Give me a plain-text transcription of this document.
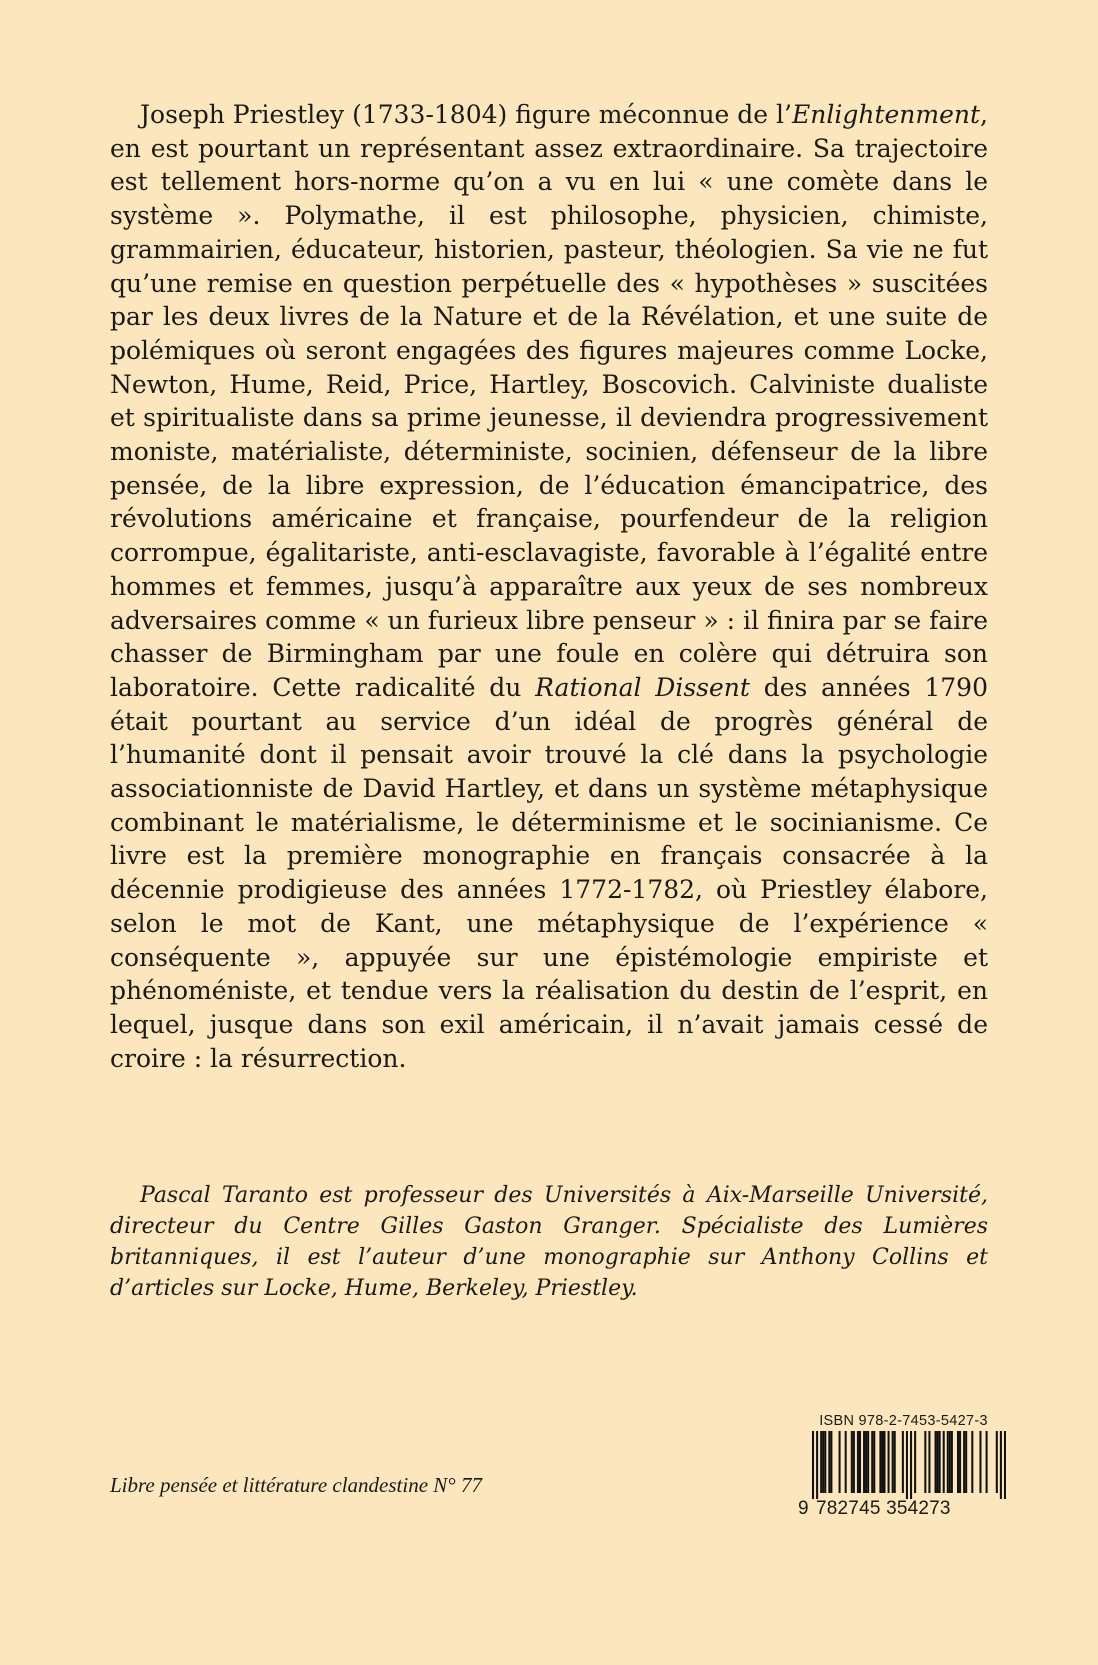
Joseph Priestley (1733-1804) figure méconnue de l’Enlightenment, en est pourtant un représentant assez extraordinaire. Sa trajectoire est tellement hors-norme qu’on a vu en lui « une comète dans le système ». Polymathe, il est philosophe, physicien, chimiste, grammairien, éducateur, historien, pasteur, théologien. Sa vie ne fut qu’une remise en question perpétuelle des « hypothèses » suscitées par les deux livres de la Nature et de la Révélation, et une suite de polémiques où seront engagées des figures majeures comme Locke, Newton, Hume, Reid, Price, Hartley, Boscovich. Calviniste dualiste et spiritualiste dans sa prime jeunesse, il deviendra progressivement moniste, matérialiste, déterministe, socinien, défenseur de la libre pensée, de la libre expression, de l’éducation émancipatrice, des révolutions américaine et française, pourfendeur de la religion corrompue, égalitariste, anti-esclavagiste, favorable à l’égalité entre hommes et femmes, jusqu’à apparaître aux yeux de ses nombreux adversaires comme « un furieux libre penseur » : il finira par se faire chasser de Birmingham par une foule en colère qui détruira son laboratoire. Cette radicalité du Rational Dissent des années 1790 était pourtant au service d’un idéal de progrès général de l’humanité dont il pensait avoir trouvé la clé dans la psychologie associationniste de David Hartley, et dans un système métaphysique combinant le matérialisme, le déterminisme et le socinianisme. Ce livre est la première monographie en français consacrée à la décennie prodigieuse des années 1772-1782, où Priestley élabore, selon le mot de Kant, une métaphysique de l’expérience « conséquente », appuyée sur une épistémologie empiriste et phénoméniste, et tendue vers la réalisation du destin de l’esprit, en lequel, jusque dans son exil américain, il n’avait jamais cessé de croire : la résurrection.

Pascal Taranto est professeur des Universités à Aix-Marseille Université, directeur du Centre Gilles Gaston Granger. Spécialiste des Lumières britanniques, il est l’auteur d’une monographie sur Anthony Collins et d’articles sur Locke, Hume, Berkeley, Priestley.

Libre pensée et littérature clandestine N° 77

ISBN 978-2-7453-5427-3
9 782745 354273
